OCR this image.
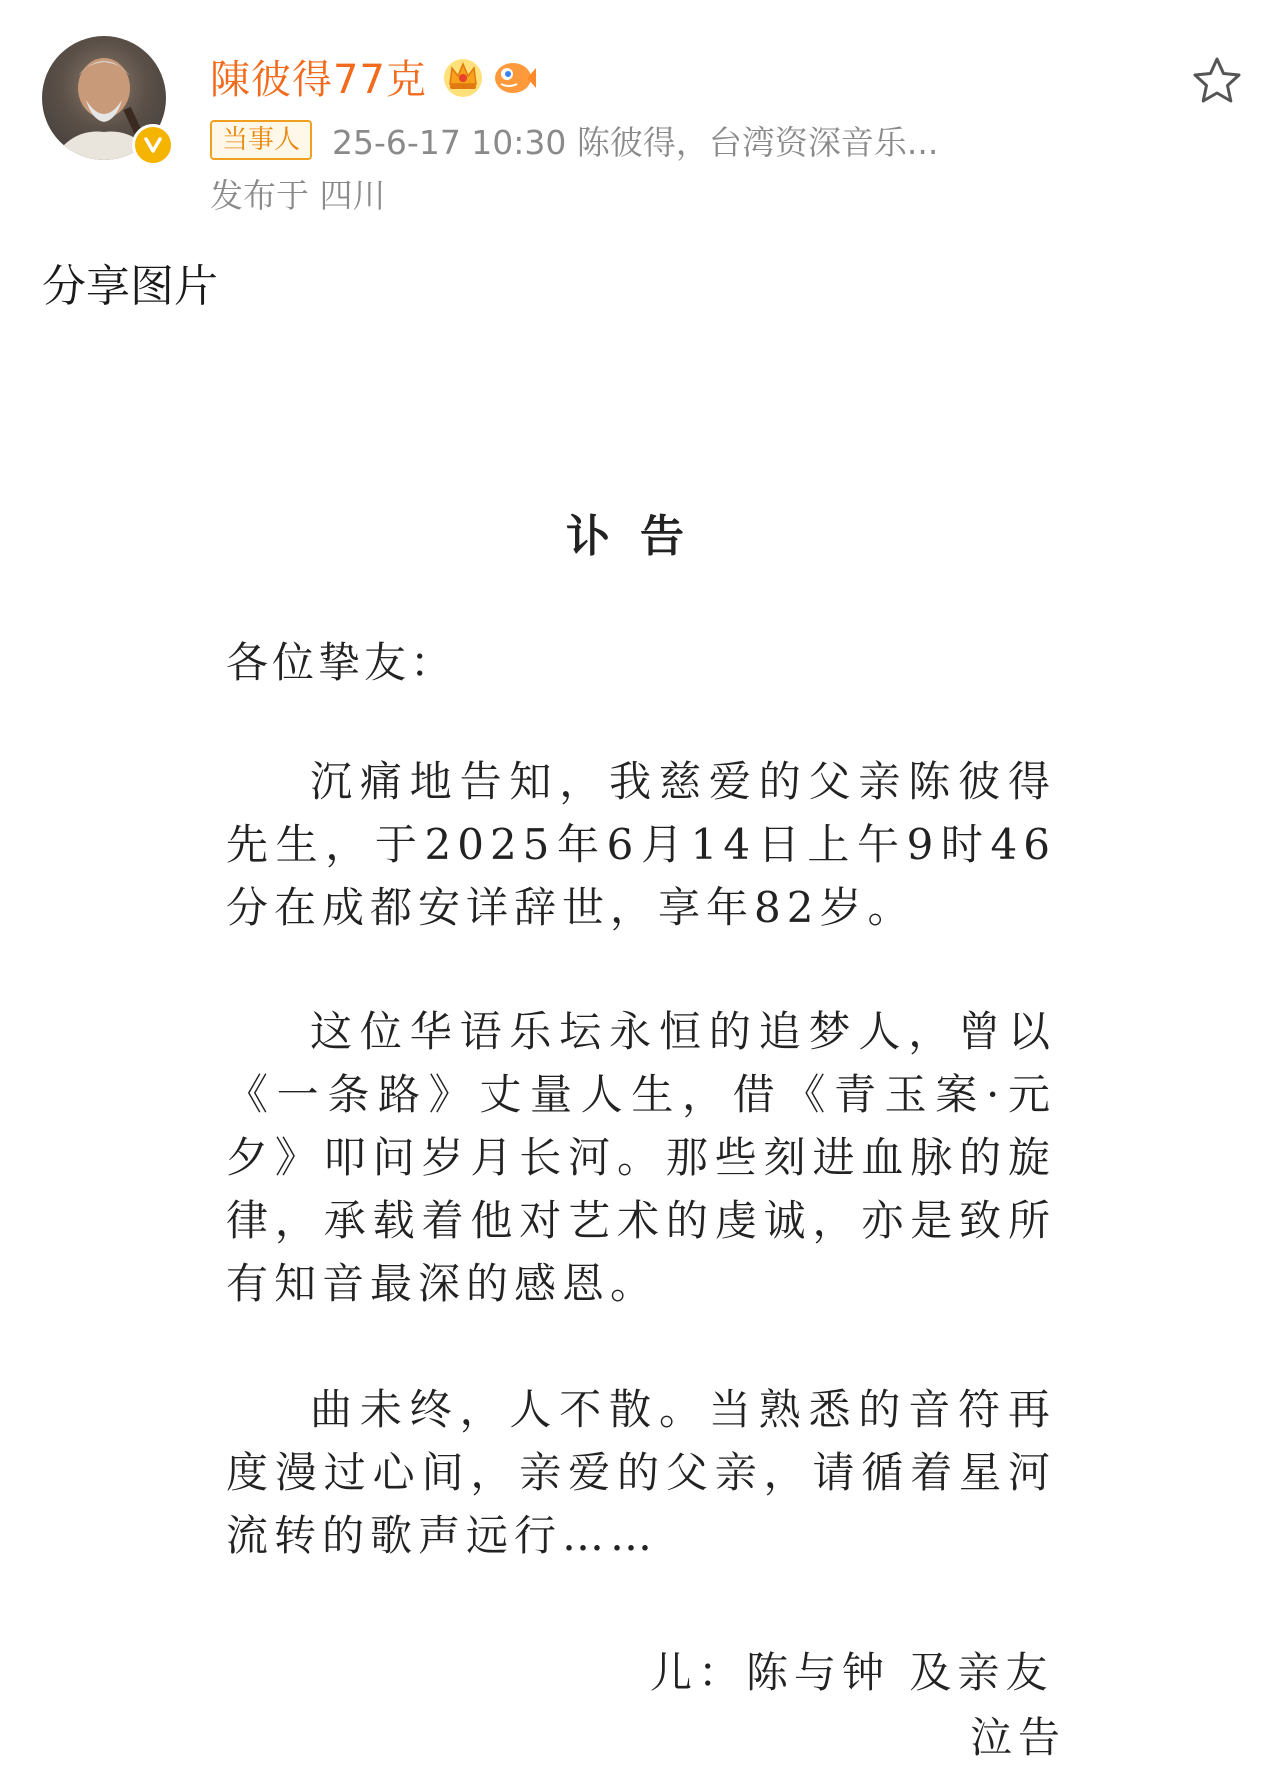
陳彼得77克
当事人 25-6-17 10:30 陈彼得，台湾资深音乐...
发布于 四川
分享图片
讣告
各位挚友：
沉痛地告知，我慈爱的父亲陈彼得先生，于2025年6月14日上午9时46分在成都安详辞世，享年82岁。
这位华语乐坛永恒的追梦人，曾以《一条路》丈量人生，借《青玉案·元夕》叩问岁月长河。那些刻进血脉的旋律，承载着他对艺术的虔诚，亦是致所有知音最深的感恩。
曲未终，人不散。当熟悉的音符再度漫过心间，亲爱的父亲，请循着星河流转的歌声远行……
儿：陈与钟 及亲友
泣告
